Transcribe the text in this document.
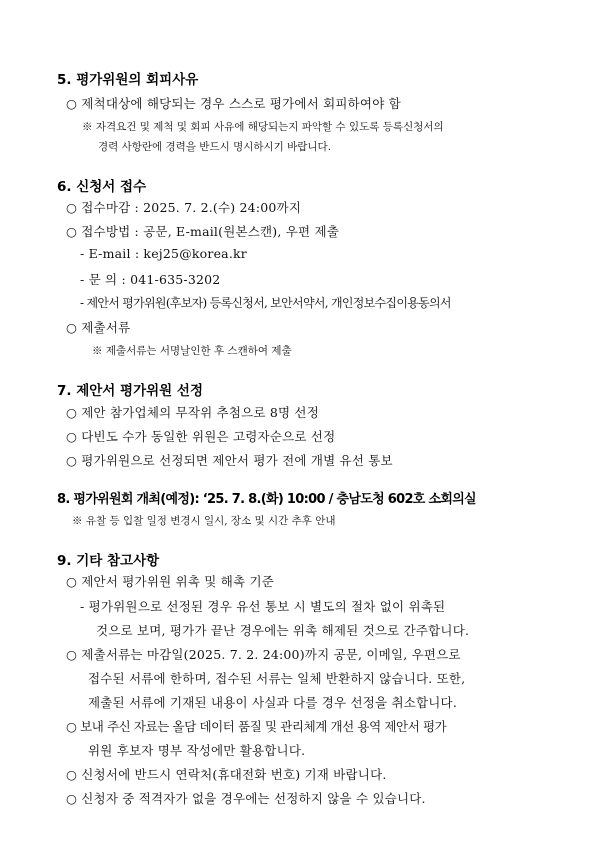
5. 평가위원의 회피사유
○ 제척대상에 해당되는 경우 스스로 평가에서 회피하여야 함
※ 자격요건 및 제척 및 회피 사유에 해당되는지 파악할 수 있도록 등록신청서의
경력 사항란에 경력을 반드시 명시하시기 바랍니다.
6. 신청서 접수
○ 접수마감 : 2025. 7. 2.(수) 24:00까지
○ 접수방법 : 공문, E-mail(원본스캔), 우편 제출
- E-mail : kej25@korea.kr
- 문 의 : 041-635-3202
- 제안서 평가위원(후보자) 등록신청서, 보안서약서, 개인정보수집이용동의서
○ 제출서류
※ 제출서류는 서명날인한 후 스캔하여 제출
7. 제안서 평가위원 선정
○ 제안 참가업체의 무작위 추첨으로 8명 선정
○ 다빈도 수가 동일한 위원은 고령자순으로 선정
○ 평가위원으로 선정되면 제안서 평가 전에 개별 유선 통보
8. 평가위원회 개최(예정): ‘25. 7. 8.(화) 10:00 / 충남도청 602호 소회의실
※ 유찰 등 입찰 일정 변경시 일시, 장소 및 시간 추후 안내
9. 기타 참고사항
○ 제안서 평가위원 위촉 및 해촉 기준
- 평가위원으로 선정된 경우 유선 통보 시 별도의 절차 없이 위촉된
것으로 보며, 평가가 끝난 경우에는 위촉 해제된 것으로 간주합니다.
○ 제출서류는 마감일(2025. 7. 2. 24:00)까지 공문, 이메일, 우편으로
접수된 서류에 한하며, 접수된 서류는 일체 반환하지 않습니다. 또한,
제출된 서류에 기재된 내용이 사실과 다를 경우 선정을 취소합니다.
○ 보내 주신 자료는 올담 데이터 품질 및 관리체계 개선 용역 제안서 평가
위원 후보자 명부 작성에만 활용합니다.
○ 신청서에 반드시 연락처(휴대전화 번호) 기재 바랍니다.
○ 신청자 중 적격자가 없을 경우에는 선정하지 않을 수 있습니다.
